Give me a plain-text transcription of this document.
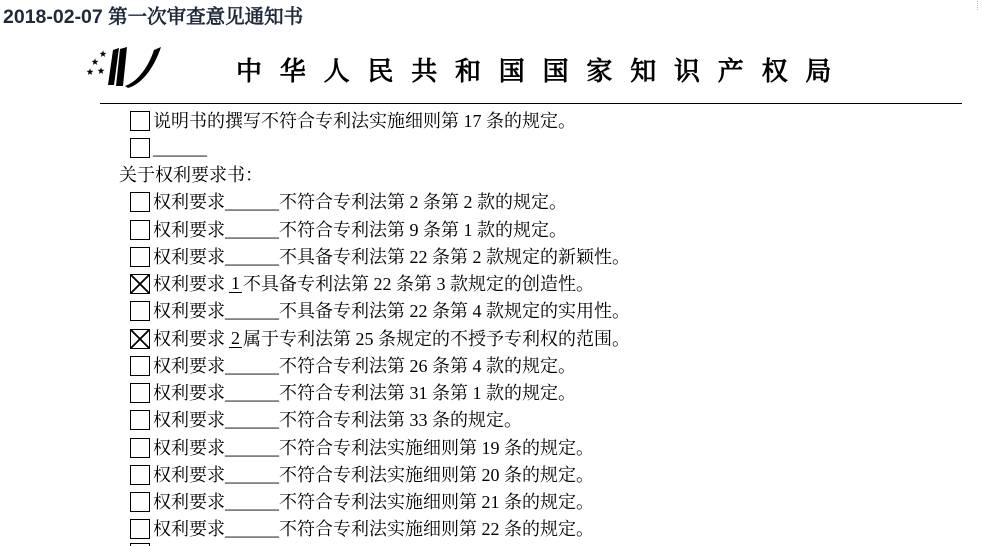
2018-02-07 第一次审查意见通知书
中华人民共和国国家知识产权局
说明书的撰写不符合专利法实施细则第 17 条的规定。
______
关于权利要求书：
权利要求 ______ 不符合专利法第 2 条第 2 款的规定。
权利要求 ______ 不符合专利法第 9 条第 1 款的规定。
权利要求 ______ 不具备专利法第 22 条第 2 款规定的新颖性。
权利要求 1 不具备专利法第 22 条第 3 款规定的创造性。
权利要求 ______ 不具备专利法第 22 条第 4 款规定的实用性。
权利要求 2 属于专利法第 25 条规定的不授予专利权的范围。
权利要求 ______ 不符合专利法第 26 条第 4 款的规定。
权利要求 ______ 不符合专利法第 31 条第 1 款的规定。
权利要求 ______ 不符合专利法第 33 条的规定。
权利要求 ______ 不符合专利法实施细则第 19 条的规定。
权利要求 ______ 不符合专利法实施细则第 20 条的规定。
权利要求 ______ 不符合专利法实施细则第 21 条的规定。
权利要求 ______ 不符合专利法实施细则第 22 条的规定。
